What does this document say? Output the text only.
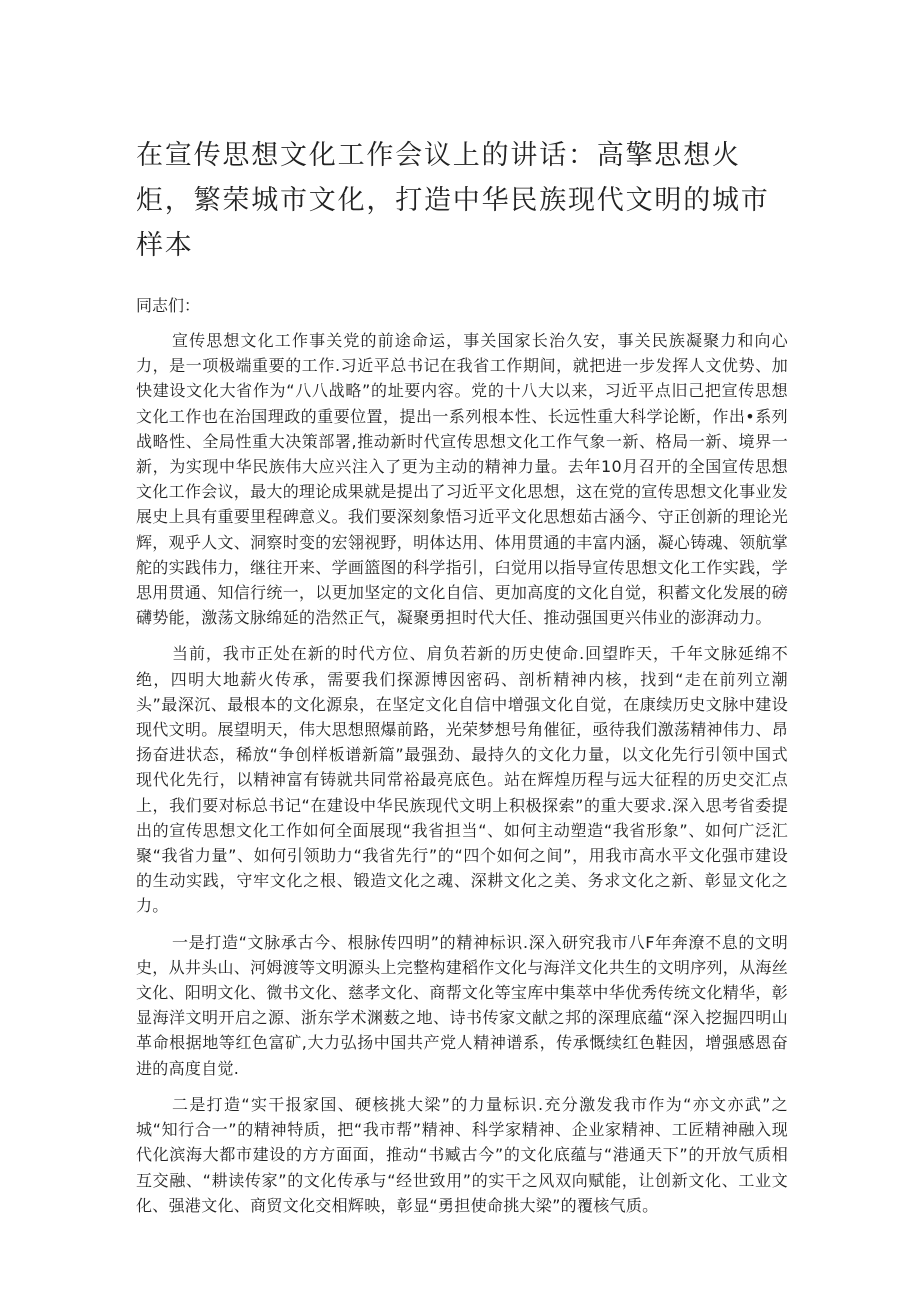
在宣传思想文化工作会议上的讲话：高擎思想火炬，繁荣城市文化，打造中华民族现代文明的城市样本

同志们：

宣传思想文化工作事关党的前途命运，事关国家长治久安，事关民族凝聚力和向心力，是一项极端重要的工作.习近平总书记在我省工作期间，就把进一步发挥人文优势、加快建设文化大省作为“八八战略”的址要内容。党的十八大以来，习近平点旧己把宣传思想文化工作也在治国理政的重要位置，提出一系列根本性、长远性重大科学论断，作出•系列战略性、全局性重大决策部署,推动新时代宣传思想文化工作气象一新、格局一新、境界一新，为实现中华民族伟大应兴注入了更为主动的精神力量。去年10月召开的全国宣传思想文化工作会议，最大的理论成果就是提出了习近平文化思想，这在党的宣传思想文化事业发展史上具有重要里程碑意义。我们要深刻象悟习近平文化思想茹古涵今、守正创新的理论光辉，观乎人文、洞察时变的宏翎视野，明体达用、体用贯通的丰富内涵，凝心铸魂、领航掌舵的实践伟力，继往开来、学画篮图的科学指引，臼觉用以指导宣传思想文化工作实践，学思用贯通、知信行统一，以更加坚定的文化自信、更加高度的文化自觉，积蓄文化发展的磅礴势能，激荡文脉绵延的浩然正气，凝聚勇担时代大任、推动强国更兴伟业的澎湃动力。

当前，我市正处在新的时代方位、肩负若新的历史使命.回望昨天，千年文脉延绵不绝，四明大地薪火传承，需要我们探源博因密码、剖析精神内核，找到“走在前列立潮头”最深沉、最根本的文化源泉，在坚定文化自信中增强文化自觉，在康续历史文脉中建设现代文明。展望明天，伟大思想照爆前路，光荣梦想号角催征，亟待我们激荡精神伟力、昂扬奋进状态，稀放“争创样板谱新篇”最强劲、最持久的文化力量，以文化先行引领中国式现代化先行，以精神富有铸就共同常裕最亮底色。站在辉煌历程与远大征程的历史交汇点上，我们要对标总书记“在建设中华民族现代文明上积极探索”的重大要求.深入思考省委提出的宣传思想文化工作如何全面展现“我省担当“、如何主动塑造“我省形象”、如何广泛汇聚“我省力量”、如何引领助力“我省先行”的“四个如何之间”，用我市高水平文化强市建设的生动实践，守牢文化之根、锻造文化之魂、深耕文化之美、务求文化之新、彰显文化之力。

一是打造“文脉承古今、根脉传四明”的精神标识.深入研究我市八F年奔潦不息的文明史，从井头山、河姆渡等文明源头上完整构建稻作文化与海洋文化共生的文明序列，从海丝文化、阳明文化、微书文化、慈孝文化、商帮文化等宝库中集萃中华优秀传统文化精华，彰显海洋文明开启之源、浙东学术渊薮之地、诗书传家文献之邦的深理底蕴“深入挖掘四明山革命根据地等红色富矿,大力弘扬中国共产党人精神谱系，传承慨续红色鞋因，增强感恩奋进的高度自觉.

二是打造“实干报家国、硬核挑大梁”的力量标识.充分激发我市作为“亦文亦武”之城“知行合一”的精神特质，把“我市帮”精神、科学家精神、企业家精神、工匠精神融入现代化滨海大都市建设的方方面面，推动“书臧古今”的文化底蕴与“港通天下”的开放气质相互交融、“耕读传家”的文化传承与“经世致用”的实干之风双向赋能，让创新文化、工业文化、强港文化、商贸文化交相辉映，彰显“勇担使命挑大梁”的覆核气质。
